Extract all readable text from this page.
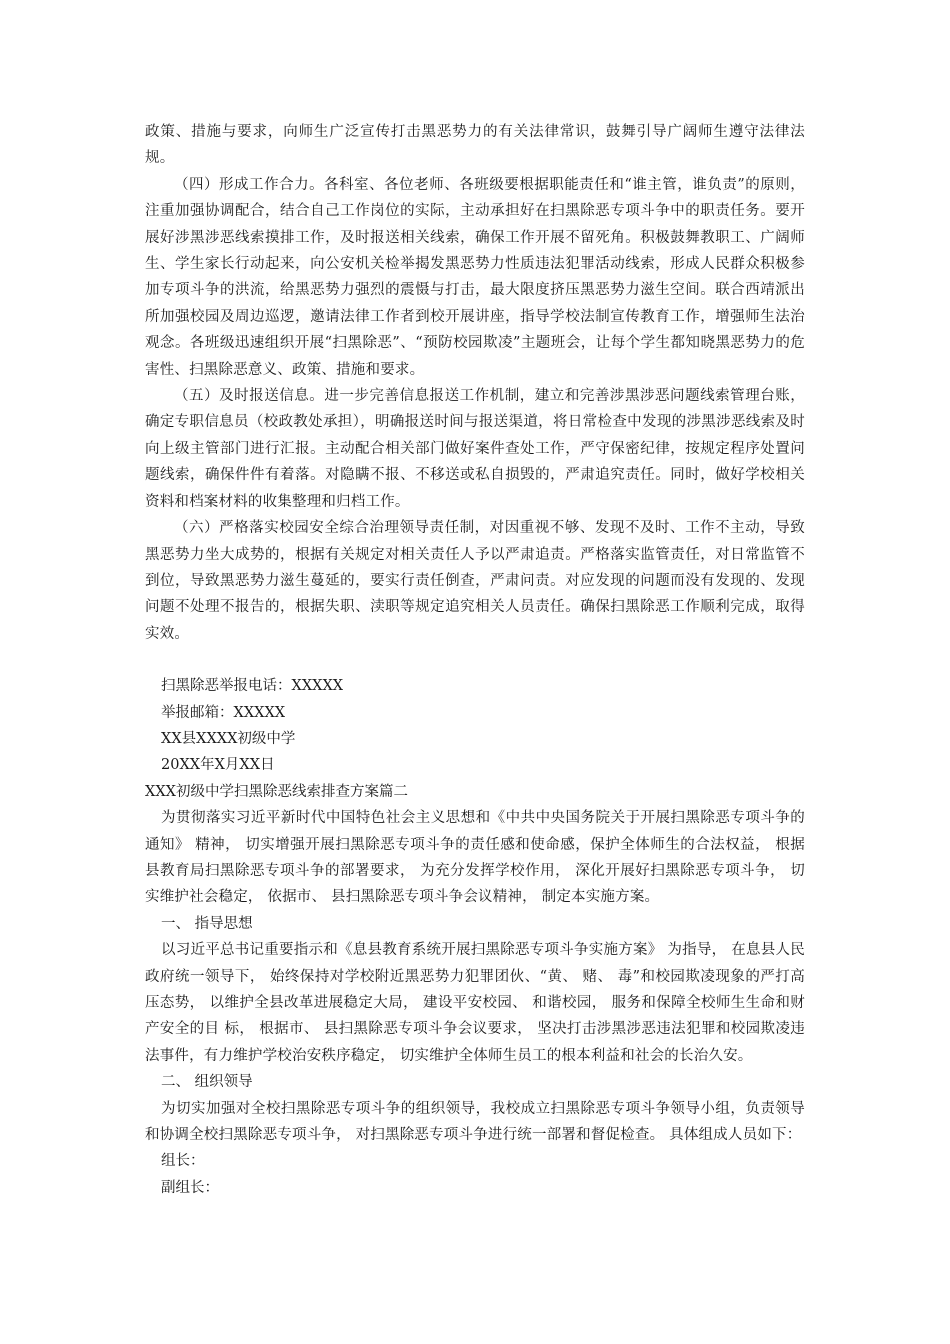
政策、措施与要求，向师生广泛宣传打击黑恶势力的有关法律常识，鼓舞引导广阔师生遵守法律法规。

（四）形成工作合力。各科室、各位老师、各班级要根据职能责任和“谁主管，谁负责”的原则，注重加强协调配合，结合自己工作岗位的实际，主动承担好在扫黑除恶专项斗争中的职责任务。要开展好涉黑涉恶线索摸排工作，及时报送相关线索，确保工作开展不留死角。积极鼓舞教职工、广阔师生、学生家长行动起来，向公安机关检举揭发黑恶势力性质违法犯罪活动线索，形成人民群众积极参加专项斗争的洪流，给黑恶势力强烈的震慑与打击，最大限度挤压黑恶势力滋生空间。联合西靖派出所加强校园及周边巡逻，邀请法律工作者到校开展讲座，指导学校法制宣传教育工作，增强师生法治观念。各班级迅速组织开展“扫黑除恶”、“预防校园欺凌”主题班会，让每个学生都知晓黑恶势力的危害性、扫黑除恶意义、政策、措施和要求。

（五）及时报送信息。进一步完善信息报送工作机制，建立和完善涉黑涉恶问题线索管理台账，确定专职信息员（校政教处承担），明确报送时间与报送渠道，将日常检查中发现的涉黑涉恶线索及时向上级主管部门进行汇报。主动配合相关部门做好案件查处工作，严守保密纪律，按规定程序处置问题线索，确保件件有着落。对隐瞒不报、不移送或私自损毁的，严肃追究责任。同时，做好学校相关资料和档案材料的收集整理和归档工作。

（六）严格落实校园安全综合治理领导责任制，对因重视不够、发现不及时、工作不主动，导致黑恶势力坐大成势的，根据有关规定对相关责任人予以严肃追责。严格落实监管责任，对日常监管不到位，导致黑恶势力滋生蔓延的，要实行责任倒查，严肃问责。对应发现的问题而没有发现的、发现问题不处理不报告的，根据失职、渎职等规定追究相关人员责任。确保扫黑除恶工作顺利完成，取得实效。

扫黑除恶举报电话：XXXXX

举报邮箱：XXXXX

XX县XXXX初级中学

20XX年X月XX日

XXX初级中学扫黑除恶线索排查方案篇二

为贯彻落实习近平新时代中国特色社会主义思想和《中共中央国务院关于开展扫黑除恶专项斗争的通知》 精神， 切实增强开展扫黑除恶专项斗争的责任感和使命感，保护全体师生的合法权益， 根据县教育局扫黑除恶专项斗争的部署要求， 为充分发挥学校作用， 深化开展好扫黑除恶专项斗争， 切实维护社会稳定， 依据市、 县扫黑除恶专项斗争会议精神， 制定本实施方案。

一、 指导思想

以习近平总书记重要指示和《息县教育系统开展扫黑除恶专项斗争实施方案》 为指导， 在息县人民政府统一领导下， 始终保持对学校附近黑恶势力犯罪团伙、“黄、 赌、 毒”和校园欺凌现象的严打高压态势， 以维护全县改革进展稳定大局， 建设平安校园、 和谐校园， 服务和保障全校师生生命和财产安全的目 标， 根据市、 县扫黑除恶专项斗争会议要求， 坚决打击涉黑涉恶违法犯罪和校园欺凌违法事件，有力维护学校治安秩序稳定， 切实维护全体师生员工的根本利益和社会的长治久安。

二、 组织领导

为切实加强对全校扫黑除恶专项斗争的组织领导，我校成立扫黑除恶专项斗争领导小组，负责领导和协调全校扫黑除恶专项斗争， 对扫黑除恶专项斗争进行统一部署和督促检查。 具体组成人员如下：

组长：

副组长：
